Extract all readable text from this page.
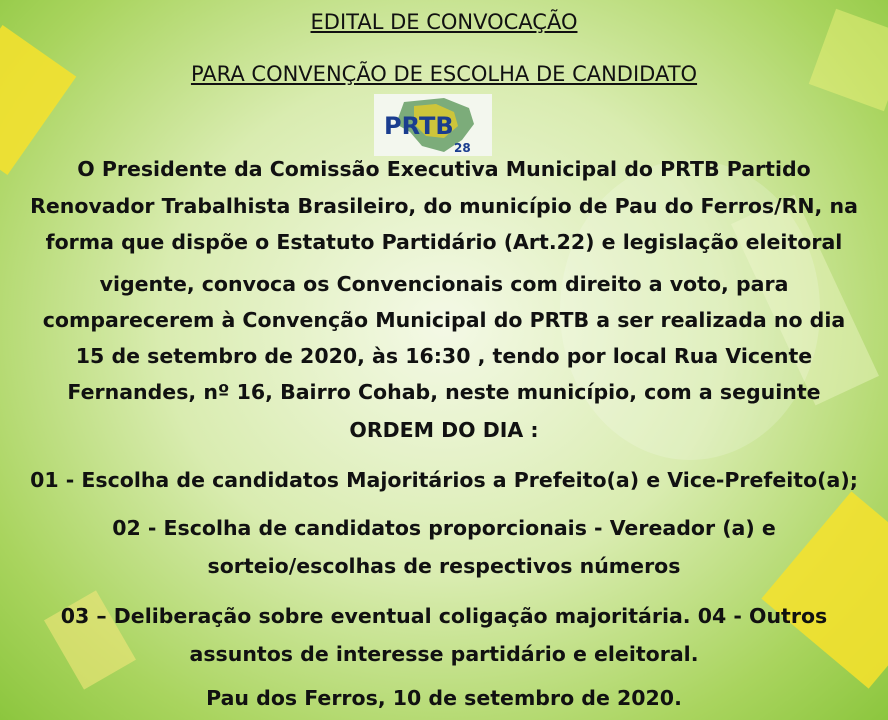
EDITAL DE CONVOCAÇÃO
PARA CONVENÇÃO DE ESCOLHA DE CANDIDATO
PRTB
28
O Presidente da Comissão Executiva Municipal do PRTB Partido
Renovador Trabalhista Brasileiro, do município de Pau do Ferros/RN, na
forma que dispõe o Estatuto Partidário (Art.22) e legislação eleitoral
vigente, convoca os Convencionais com direito a voto, para
comparecerem à Convenção Municipal do PRTB a ser realizada no dia
15 de setembro de 2020, às 16:30 , tendo por local Rua Vicente
Fernandes, nº 16, Bairro Cohab, neste município, com a seguinte
ORDEM DO DIA :
01 - Escolha de candidatos Majoritários a Prefeito(a) e Vice-Prefeito(a);
02 - Escolha de candidatos proporcionais - Vereador (a) e
sorteio/escolhas de respectivos números
03 – Deliberação sobre eventual coligação majoritária. 04 - Outros
assuntos de interesse partidário e eleitoral.
Pau dos Ferros, 10 de setembro de 2020.
